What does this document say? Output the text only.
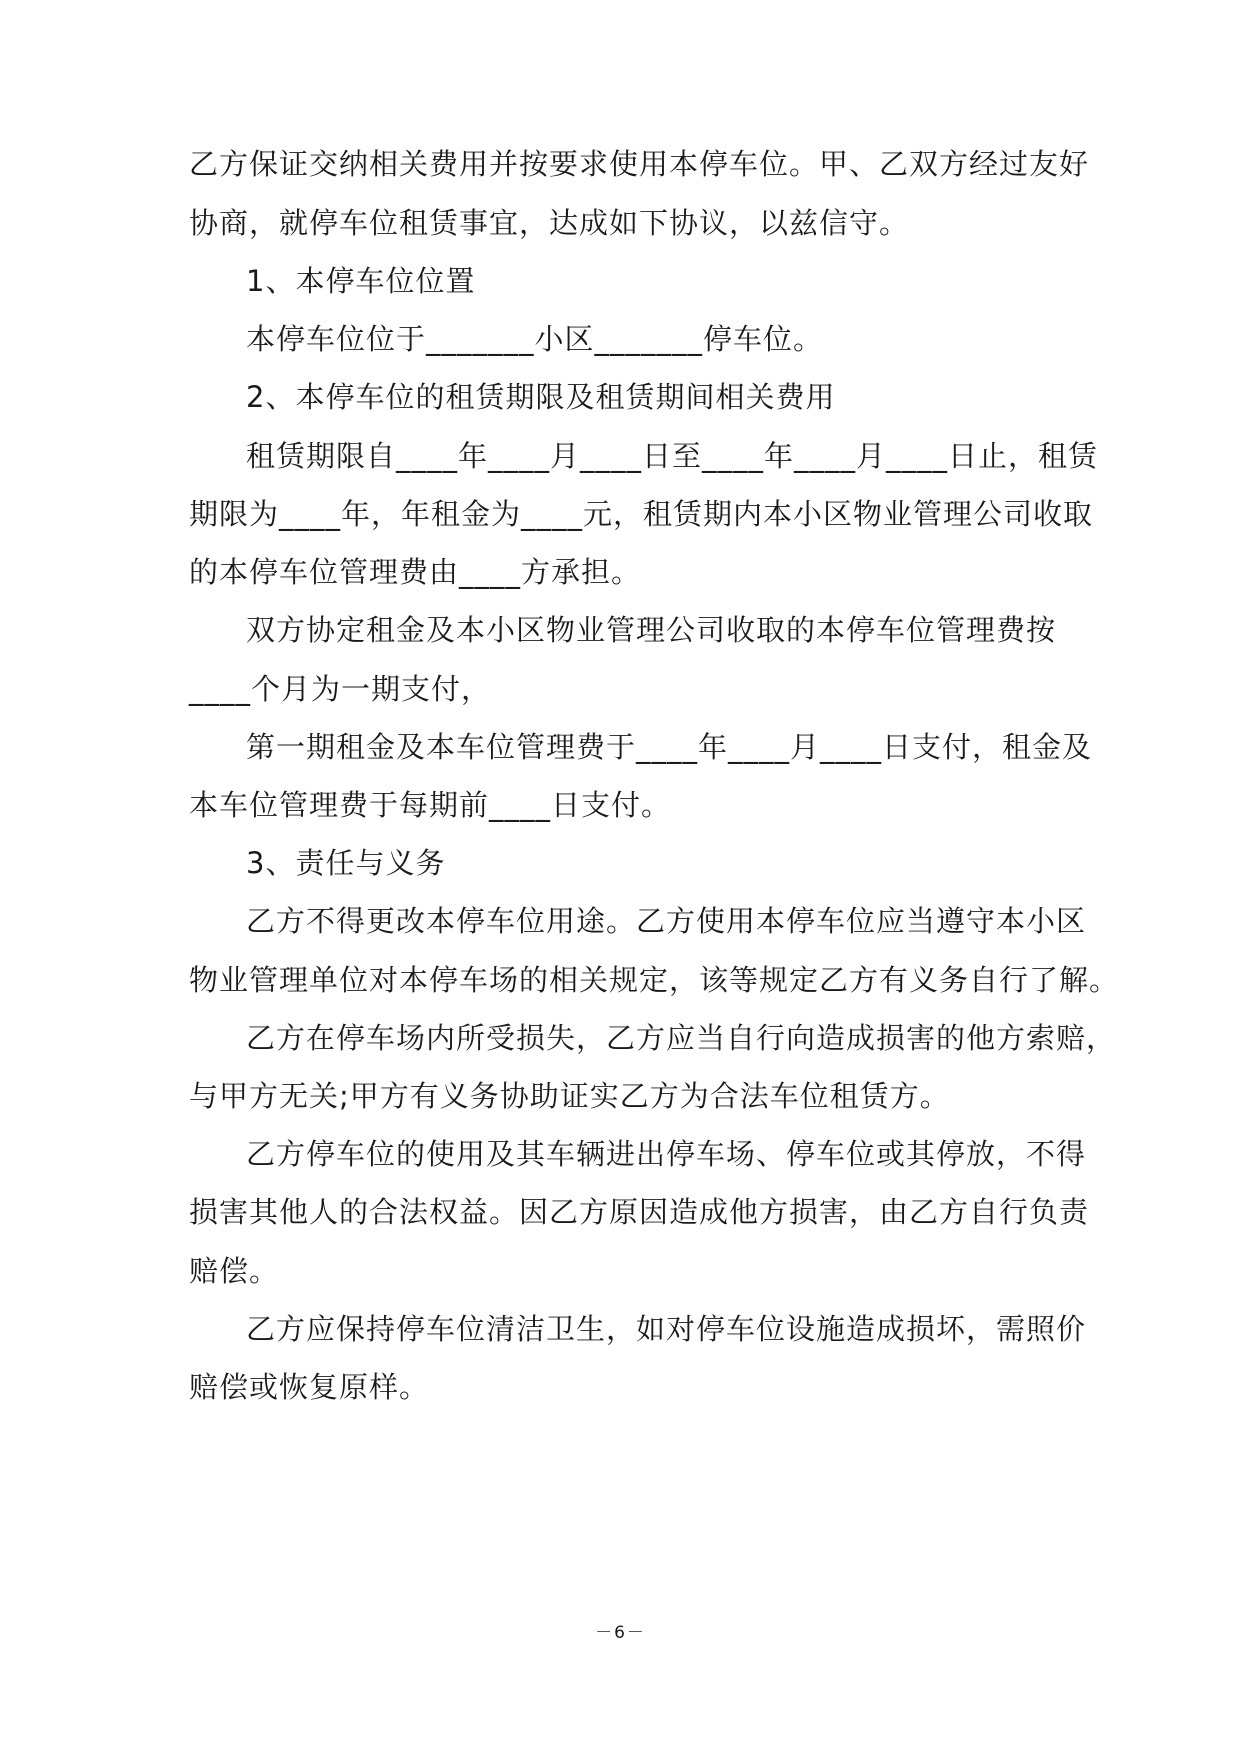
乙方保证交纳相关费用并按要求使用本停车位。甲、乙双方经过友好
协商，就停车位租赁事宜，达成如下协议，以兹信守。
1、本停车位位置
本停车位位于_______小区_______停车位。
2、本停车位的租赁期限及租赁期间相关费用
租赁期限自____年____月____日至____年____月____日止，租赁
期限为____年，年租金为____元，租赁期内本小区物业管理公司收取
的本停车位管理费由____方承担。
双方协定租金及本小区物业管理公司收取的本停车位管理费按
____个月为一期支付，
第一期租金及本车位管理费于____年____月____日支付，租金及
本车位管理费于每期前____日支付。
3、责任与义务
乙方不得更改本停车位用途。乙方使用本停车位应当遵守本小区
物业管理单位对本停车场的相关规定，该等规定乙方有义务自行了解。
乙方在停车场内所受损失，乙方应当自行向造成损害的他方索赔，
与甲方无关;甲方有义务协助证实乙方为合法车位租赁方。
乙方停车位的使用及其车辆进出停车场、停车位或其停放，不得
损害其他人的合法权益。因乙方原因造成他方损害，由乙方自行负责
赔偿。
乙方应保持停车位清洁卫生，如对停车位设施造成损坏，需照价
赔偿或恢复原样。
－6－
